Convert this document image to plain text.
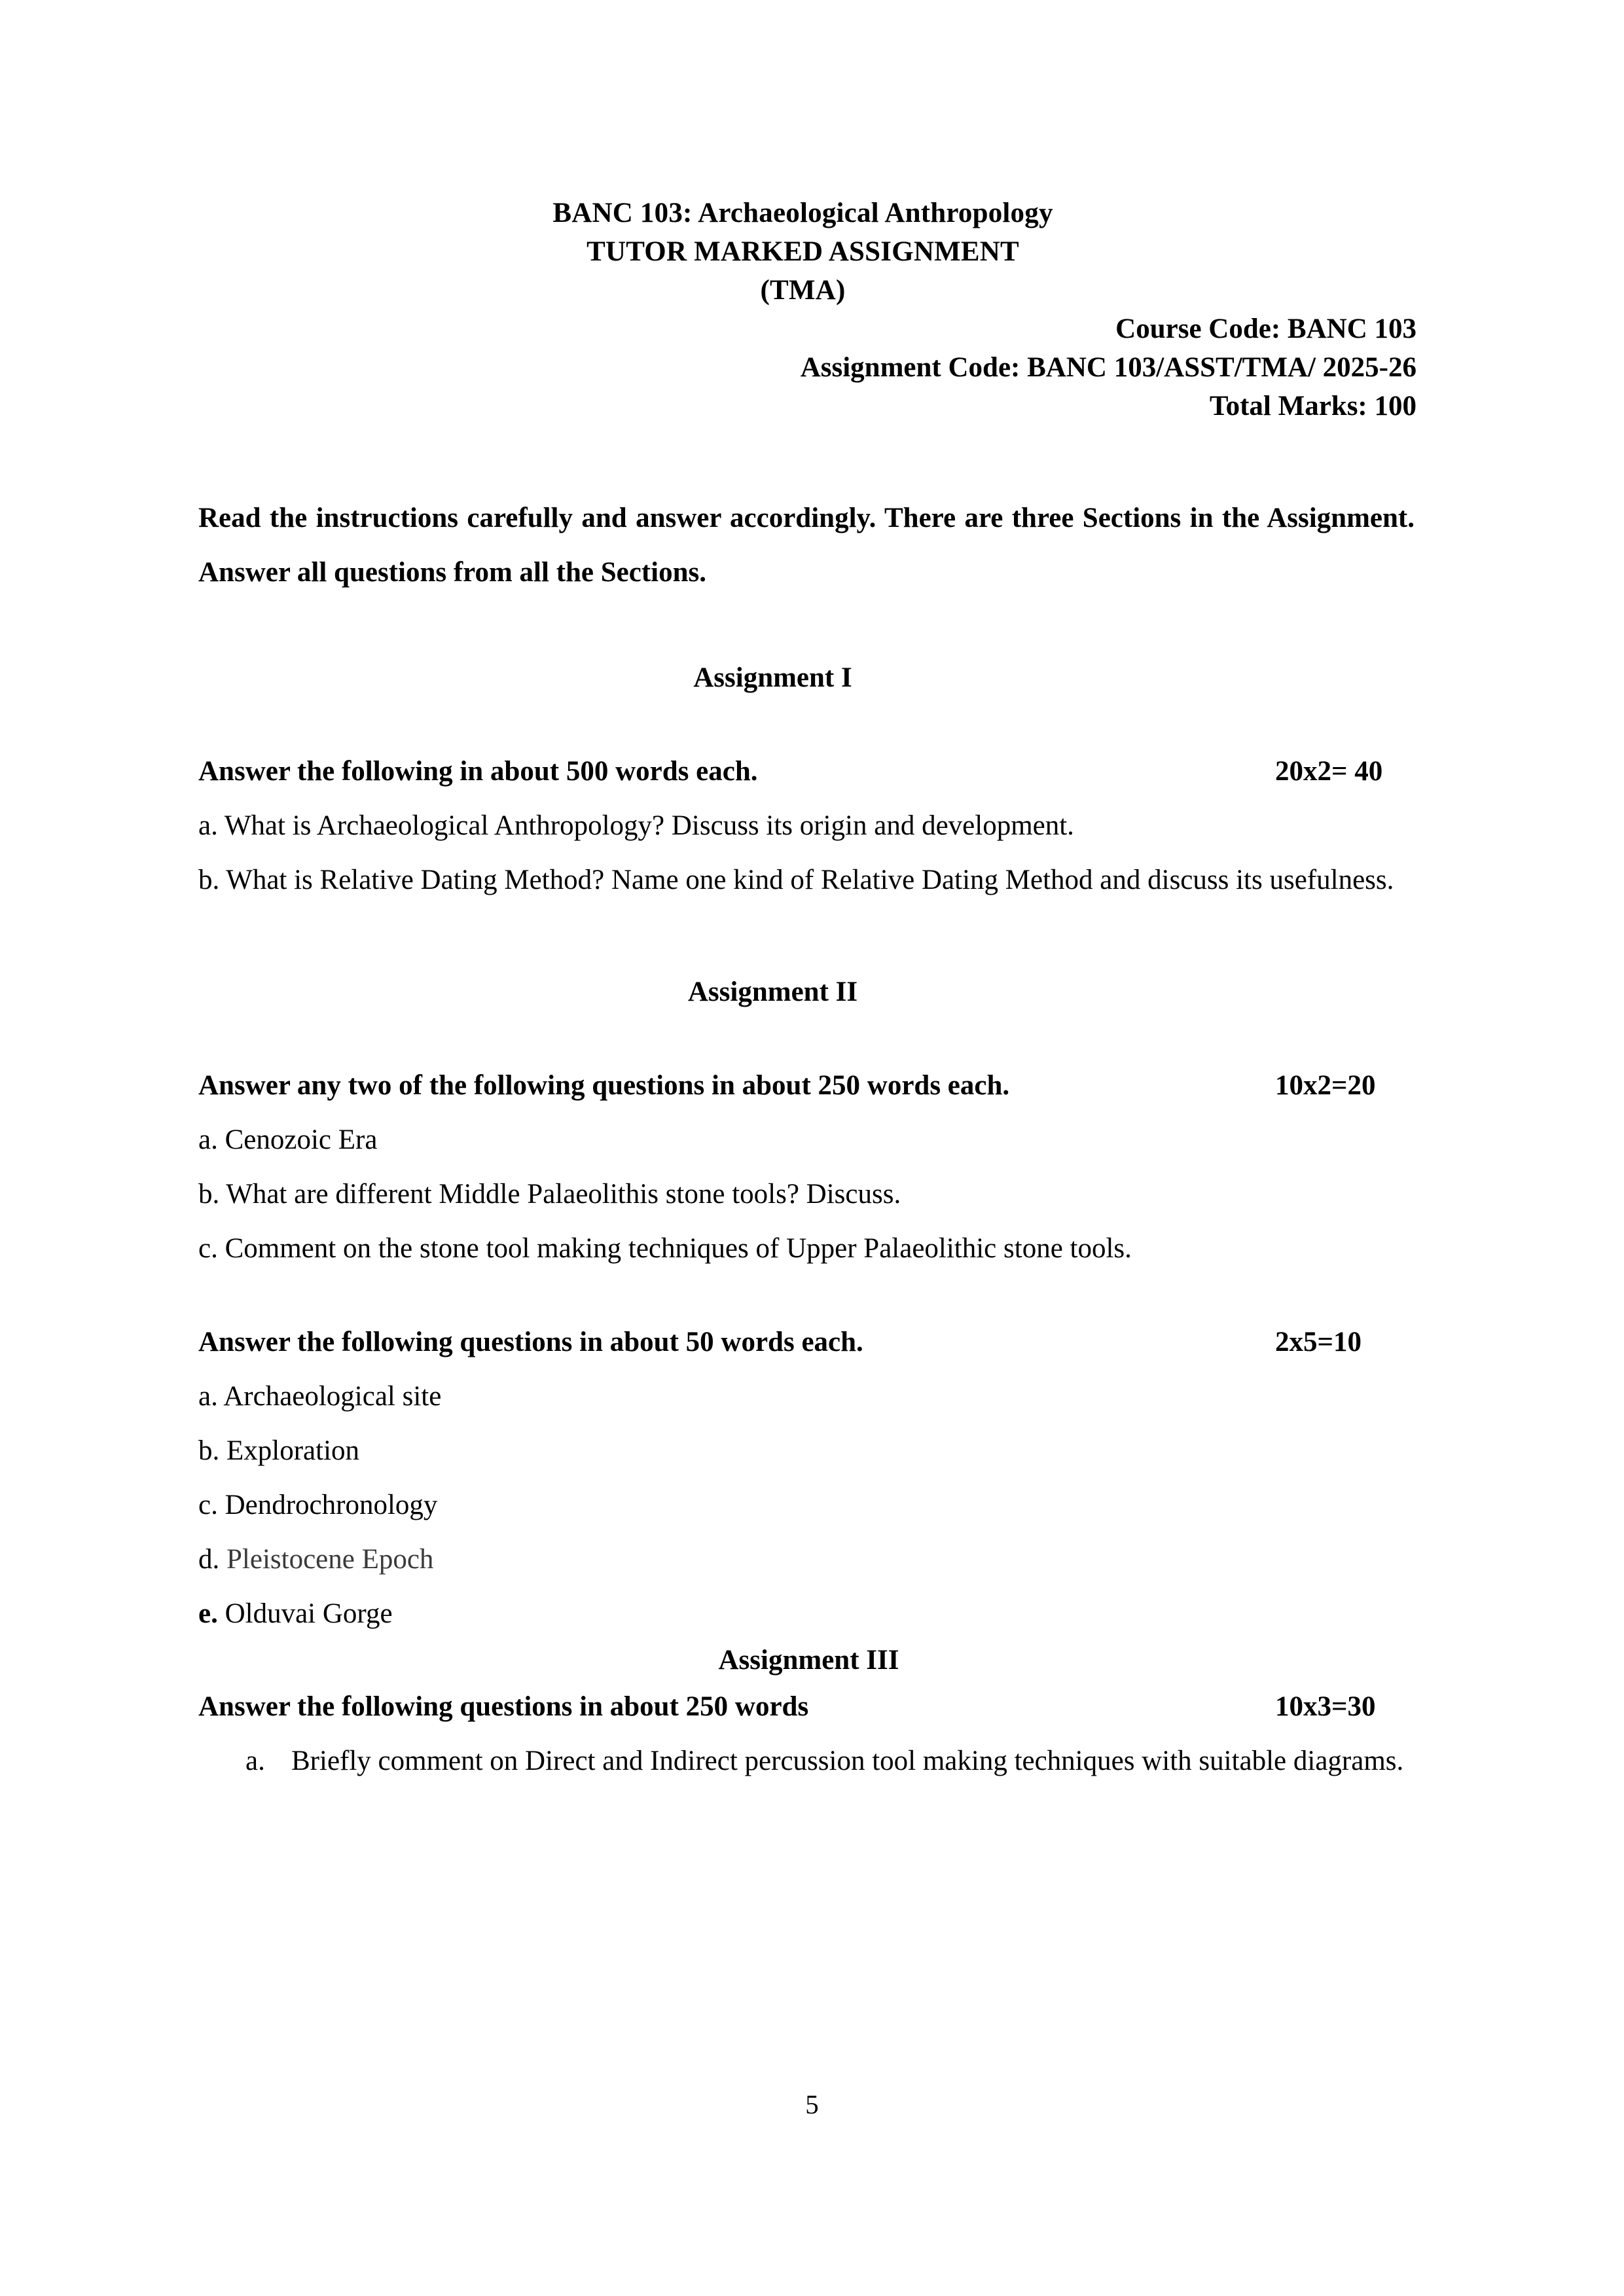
BANC 103: Archaeological Anthropology
TUTOR MARKED ASSIGNMENT
(TMA)
Course Code: BANC 103
Assignment Code: BANC 103/ASST/TMA/ 2025-26
Total Marks: 100
Read the instructions carefully and answer accordingly. There are three Sections in the Assignment. Answer all questions from all the Sections.
Assignment I
Answer the following in about 500 words each.	20x2= 40
a. What is Archaeological Anthropology? Discuss its origin and development.
b. What is Relative Dating Method? Name one kind of Relative Dating Method and discuss its usefulness.
Assignment II
Answer any two of the following questions in about 250 words each.	10x2=20
a. Cenozoic Era
b. What are different Middle Palaeolithis stone tools? Discuss.
c. Comment on the stone tool making techniques of Upper Palaeolithic stone tools.
Answer the following questions in about 50 words each.	2x5=10
a. Archaeological site
b. Exploration
c. Dendrochronology
d. Pleistocene Epoch
e. Olduvai Gorge
Assignment III
Answer the following questions in about 250 words	10x3=30
a. Briefly comment on Direct and Indirect percussion tool making techniques with suitable diagrams.
5
